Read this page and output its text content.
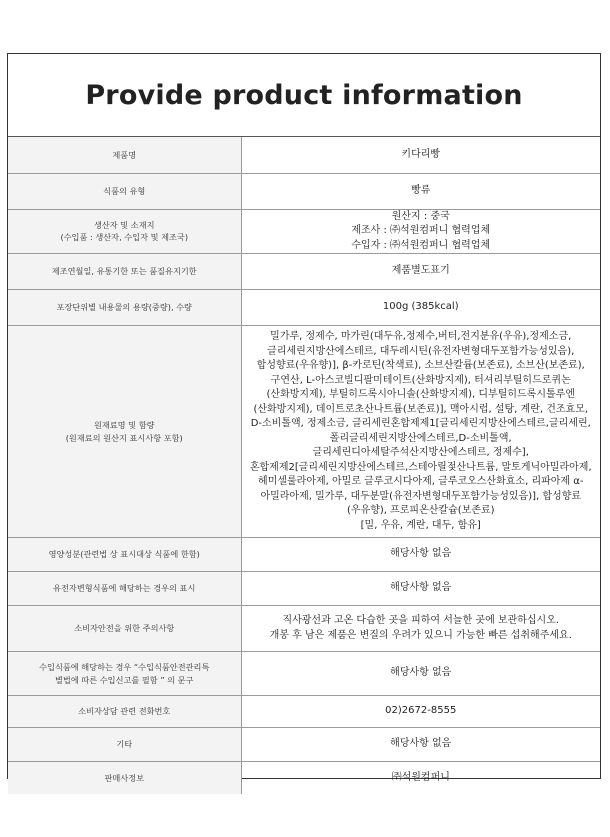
Provide product information
제품명	키다리빵
식품의 유형	빵류

생산자 및 소재지
(수입품 : 생산자, 수입자 및 제조국)	원산지 : 중국
제조사 : ㈜석원컴퍼니 협력업체
수입자 : ㈜석원컴퍼니 협력업체

제조연월일, 유통기한 또는 품질유지기한	제품별도표기
포장단위별 내용물의 용량(중량), 수량	100g (385kcal)

원재료명 및 함량
(원재료의 원산지 표시사항 포함)	밀가루, 정제수, 마가린(대두유,정제수,버터,전지분유(우유),정제소금, 글리세린지방산에스테르, 대두레시틴(유전자변형대두포함가능성있음), 합성향료(우유향)], β-카로틴(착색료), 소브산칼륨(보존료), 소브산(보존료), 구연산, L-아스코빌디팔미테이트(산화방지제), 터셔리부틸히드로퀴논(산화방지제), 부틸히드록시아니솔(산화방지제), 디부틸히드록시톨루엔(산화방지제), 데이트로초산나트륨(보존료)], 맥아시럽, 설탕, 계란, 건조효모, D-소비톨액, 정제소금, 글리세린혼합제제1[글리세린지방산에스테르,글리세린, 폴리글리세린지방산에스테르,D-소비톨액,글리세린디아세탈주석산지방산에스테르, 정제수], 혼합제제2[글리세린지방산에스테르,스테아릴젖산나트륨, 말토게닉아밀라아제, 헤미셀룰라아제, 아밀로 글루코시다아제, 글루코오스산화효소, 리파아제 α-아밀라아제, 밀가루, 대두분말(유전자변형대두포함가능성있음)], 합성향료(우유향), 프로피온산칼슘(보존료)
[밀, 우유, 계란, 대두, 함유]
영양성분(관련법 상 표시대상 식품에 한함)	해당사항 없음
유전자변형식품에 해당하는 경우의 표시	해당사항 없음
소비자안전을 위한 주의사항	직사광선과 고온 다습한 곳을 피하여 서늘한 곳에 보관하십시오.
개봉 후 남은 제품은 변질의 우려가 있으니 가능한 빠른 섭취해주세요.

수입식품에 해당하는 경우 “수입식품안전관리특
별법에 따른 수입신고를 필함 ” 의 문구	해당사항 없음
소비자상담 관련 전화번호	02)2672-8555
기타	해당사항 없음
판매사정보	㈜석원컴퍼니
